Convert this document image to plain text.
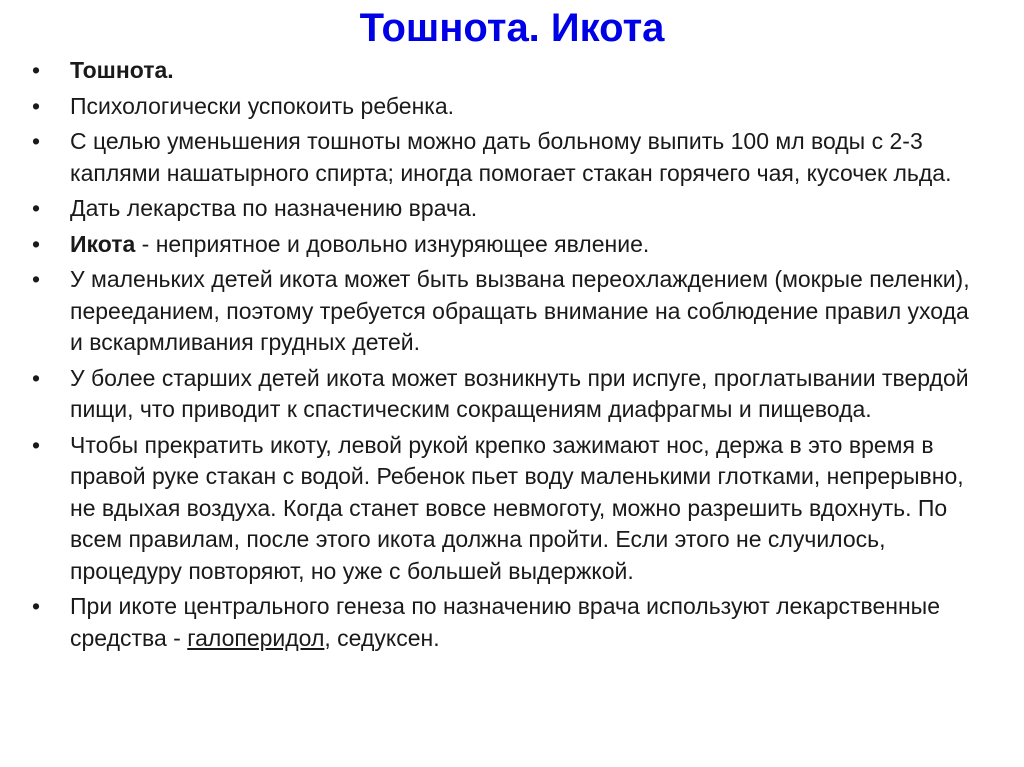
Тошнота. Икота
•	Тошнота.
•	Психологически успокоить ребенка.
•	С целью уменьшения тошноты можно дать больному выпить 100 мл воды с 2-3 каплями нашатырного спирта; иногда помогает стакан горячего чая, кусочек льда.
•	Дать лекарства по назначению врача.
•	Икота - неприятное и довольно изнуряющее явление.
•	У маленьких детей икота может быть вызвана переохлаждением (мокрые пеленки), перееданием, поэтому требуется обращать внимание на соблюдение правил ухода и вскармливания грудных детей.
•	У более старших детей икота может возникнуть при испуге, проглатывании твердой пищи, что приводит к спастическим сокращениям диафрагмы и пищевода.
•	Чтобы прекратить икоту, левой рукой крепко зажимают нос, держа в это время в правой руке стакан с водой. Ребенок пьет воду маленькими глотками, непрерывно, не вдыхая воздуха. Когда станет вовсе невмоготу, можно разрешить вдохнуть. По всем правилам, после этого икота должна пройти. Если этого не случилось, процедуру повторяют, но уже с большей выдержкой.
•	При икоте центрального генеза по назначению врача используют лекарственные средства - галоперидол, седуксен.
